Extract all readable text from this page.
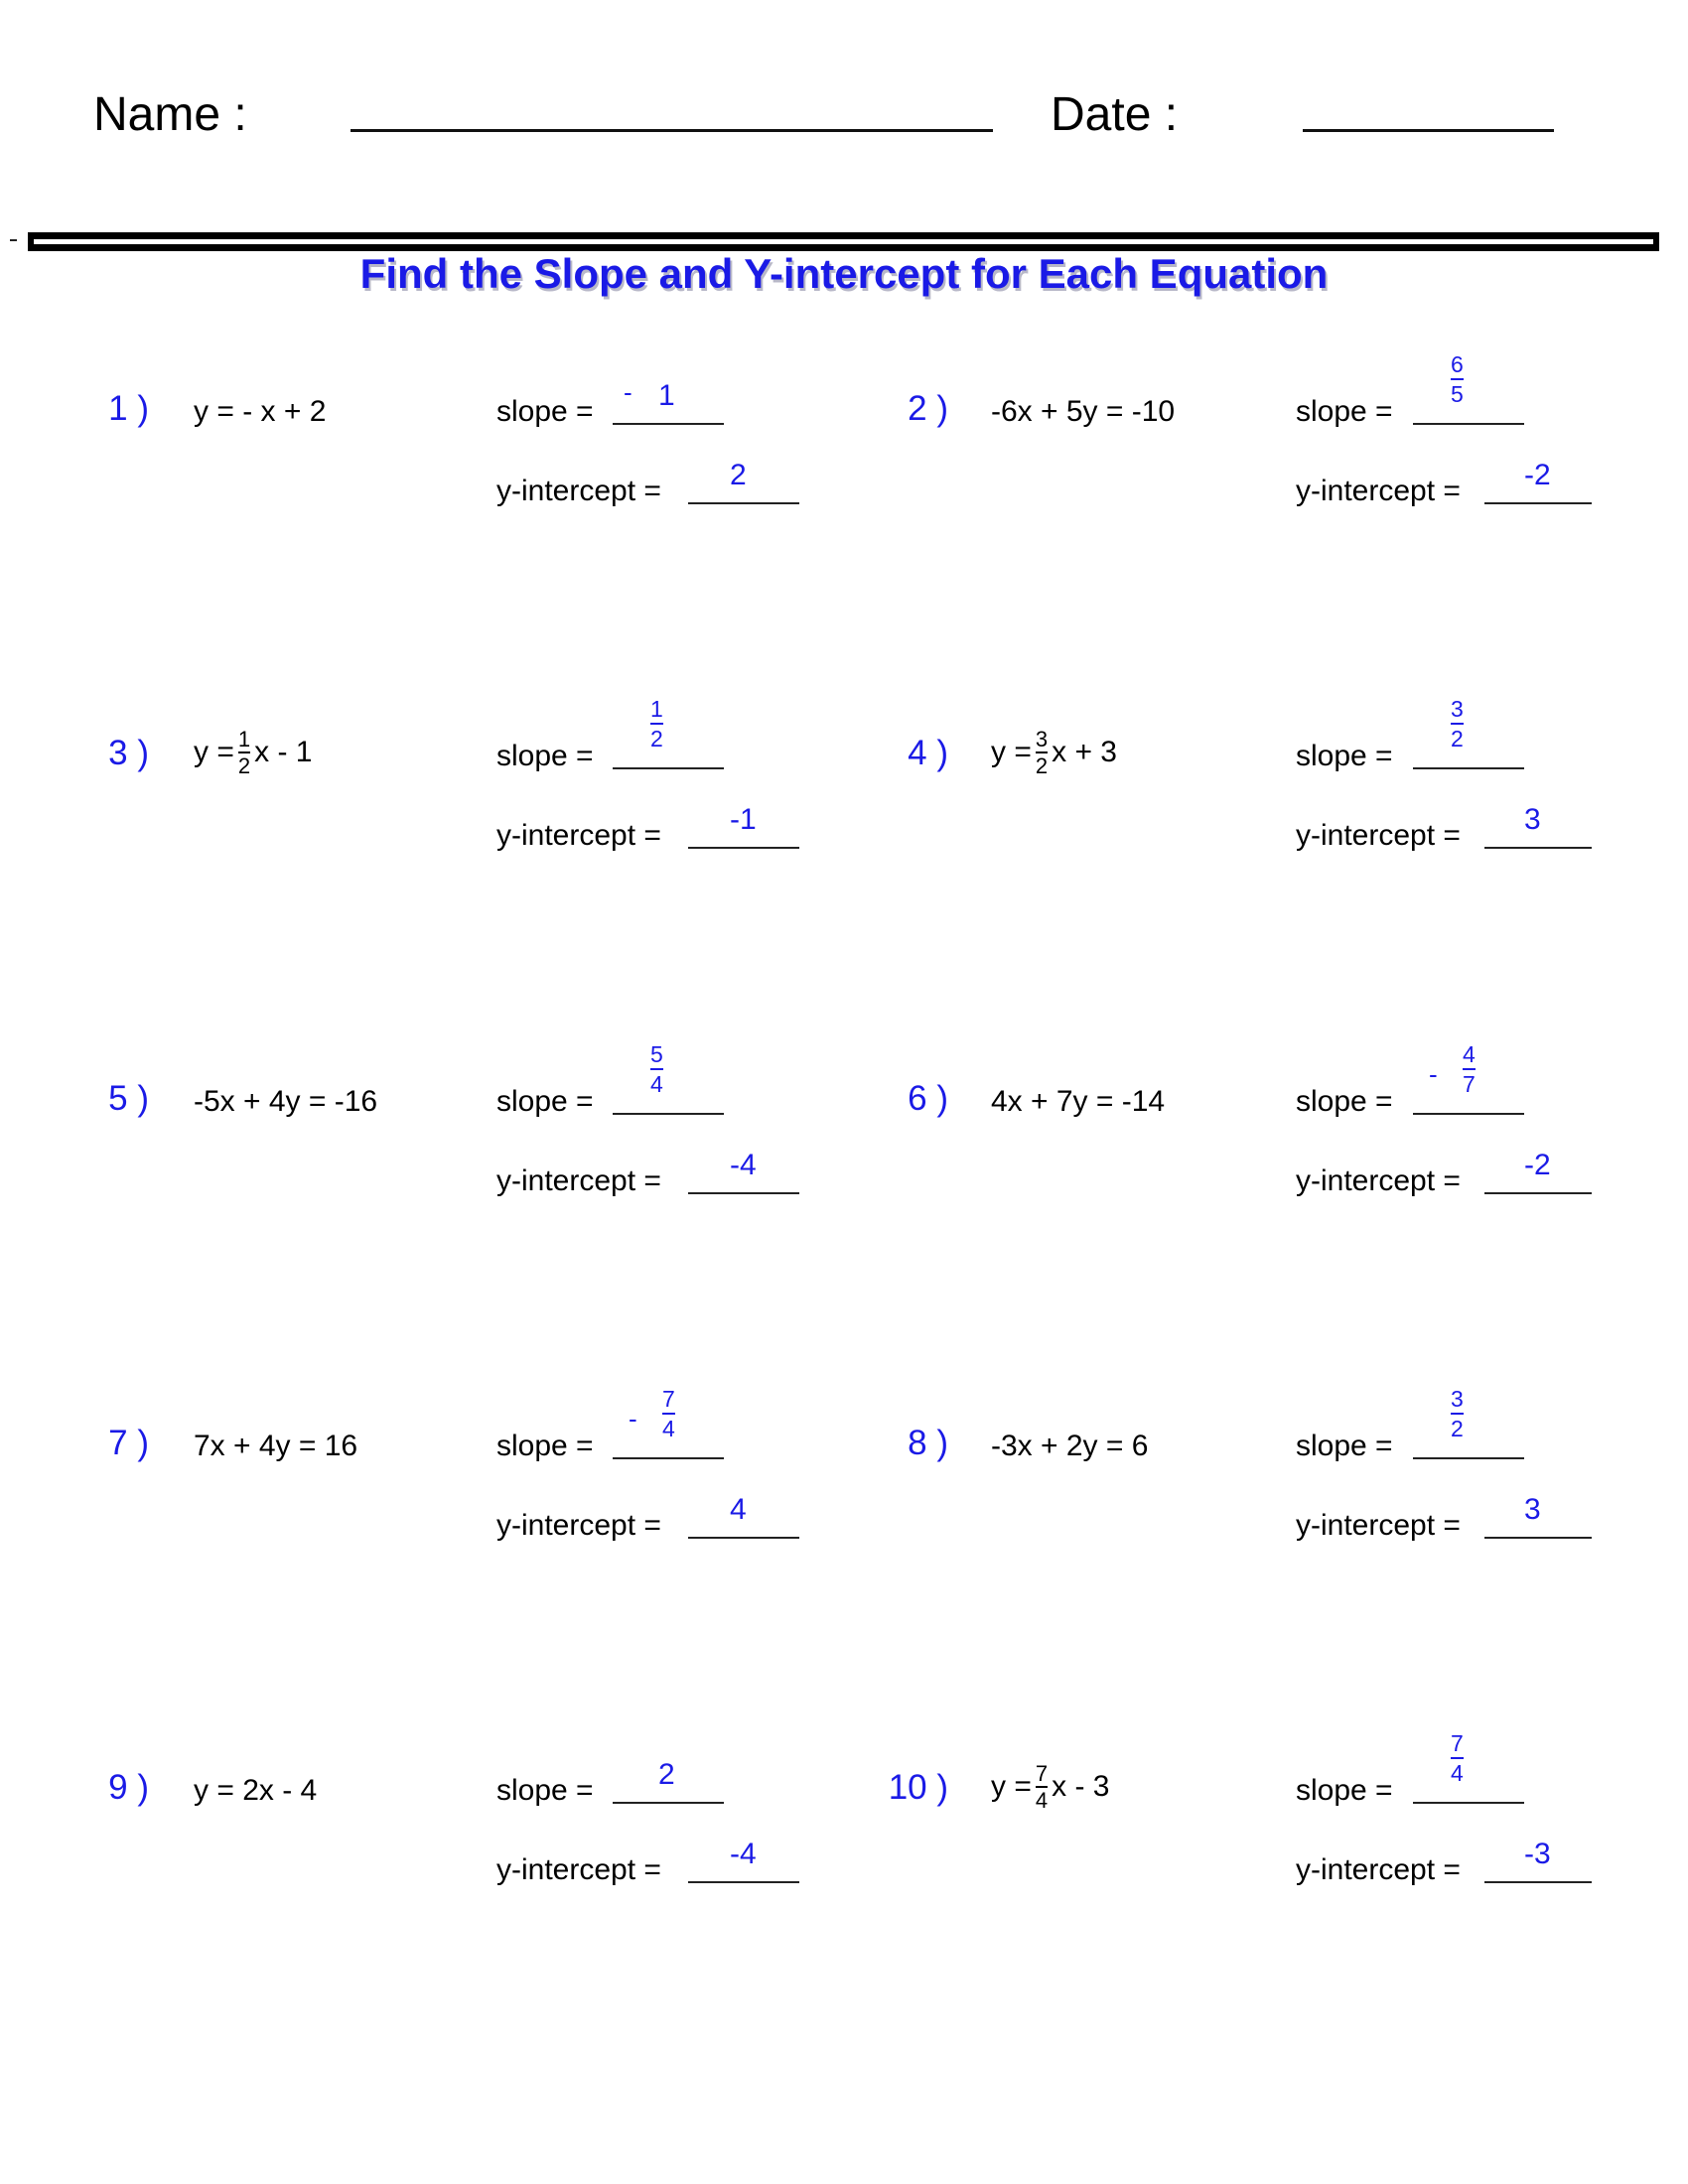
Name :	Date :
Find the Slope and Y-intercept for Each Equation
1 ) y = - x + 2	slope =
- 1
y-intercept = 2
2 ) -6x + 5y = -10	slope =
6
5
y-intercept = -2
3 ) y = 1
2 x - 1	slope =
1
2
y-intercept = -1
4 ) y = 3
2 x + 3	slope =
3
2
y-intercept = 3
5 ) -5x + 4y = -16	slope =
5
4
y-intercept = -4
6 ) 4x + 7y = -14	slope =
-
4
7
y-intercept = -2
7 ) 7x + 4y = 16	slope =
-
7
4
y-intercept = 4
8 ) -3x + 2y = 6	slope =
3
2
y-intercept = 3
9 ) y = 2x - 4	slope = 2
y-intercept = -4
10 ) y = 7
4 x - 3	slope =
7
4
y-intercept = -3
